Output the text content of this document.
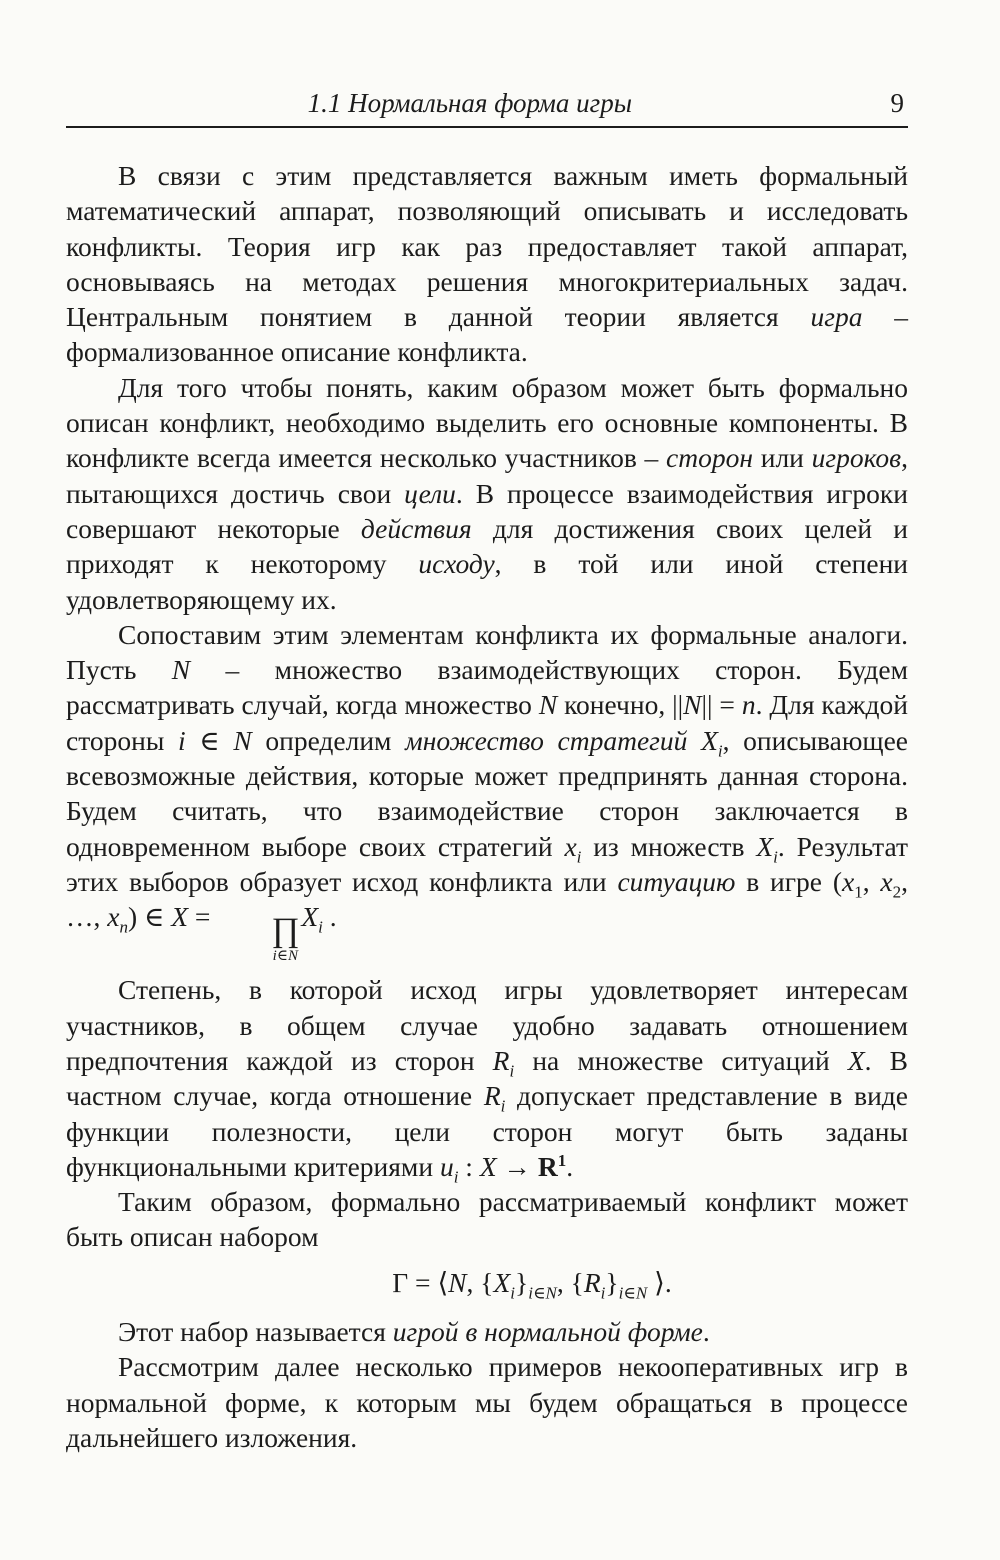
1.1 Нормальная форма игры	9

В связи с этим представляется важным иметь формальный математический аппарат, позволяющий описывать и исследовать конфликты. Теория игр как раз предоставляет такой аппарат, основываясь на методах решения многокритериальных задач. Центральным понятием в данной теории является игра – формализованное описание конфликта.

Для того чтобы понять, каким образом может быть формально описан конфликт, необходимо выделить его основные компоненты. В конфликте всегда имеется несколько участников – сторон или игроков, пытающихся достичь свои цели. В процессе взаимодействия игроки совершают некоторые действия для достижения своих целей и приходят к некоторому исходу, в той или иной степени удовлетворяющему их.

Сопоставим этим элементам конфликта их формальные аналоги. Пусть N – множество взаимодействующих сторон. Будем рассматривать случай, когда множество N конечно, ||N|| = n. Для каждой стороны i ∈ N определим множество стратегий $X_i$, описывающее всевозможные действия, которые может предпринять данная сторона. Будем считать, что взаимодействие сторон заключается в одновременном выборе своих стратегий $x_i$ из множеств $X_i$. Результат этих выборов образует исход конфликта или ситуацию в игре ($x_1$, $x_2$, …, $x_n$) ∈ X =	∏
i∈N
$X_i$ .

Степень, в которой исход игры удовлетворяет интересам участников, в общем случае удобно задавать отношением предпочтения каждой из сторон $R_i$ на множестве ситуаций X. В частном случае, когда отношение $R_i$ допускает представление в виде функции полезности, цели сторон могут быть заданы функциональными критериями $u_i$ : $X \to R^1$.

Таким образом, формально рассматриваемый конфликт может быть описан набором

Γ = ⟨N, $\{X_i\}_{i\in N}$, $\{R_i\}_{i\in N}$ ⟩.

Этот набор называется игрой в нормальной форме.

Рассмотрим далее несколько примеров некооперативных игр в нормальной форме, к которым мы будем обращаться в процессе дальнейшего изложения.
